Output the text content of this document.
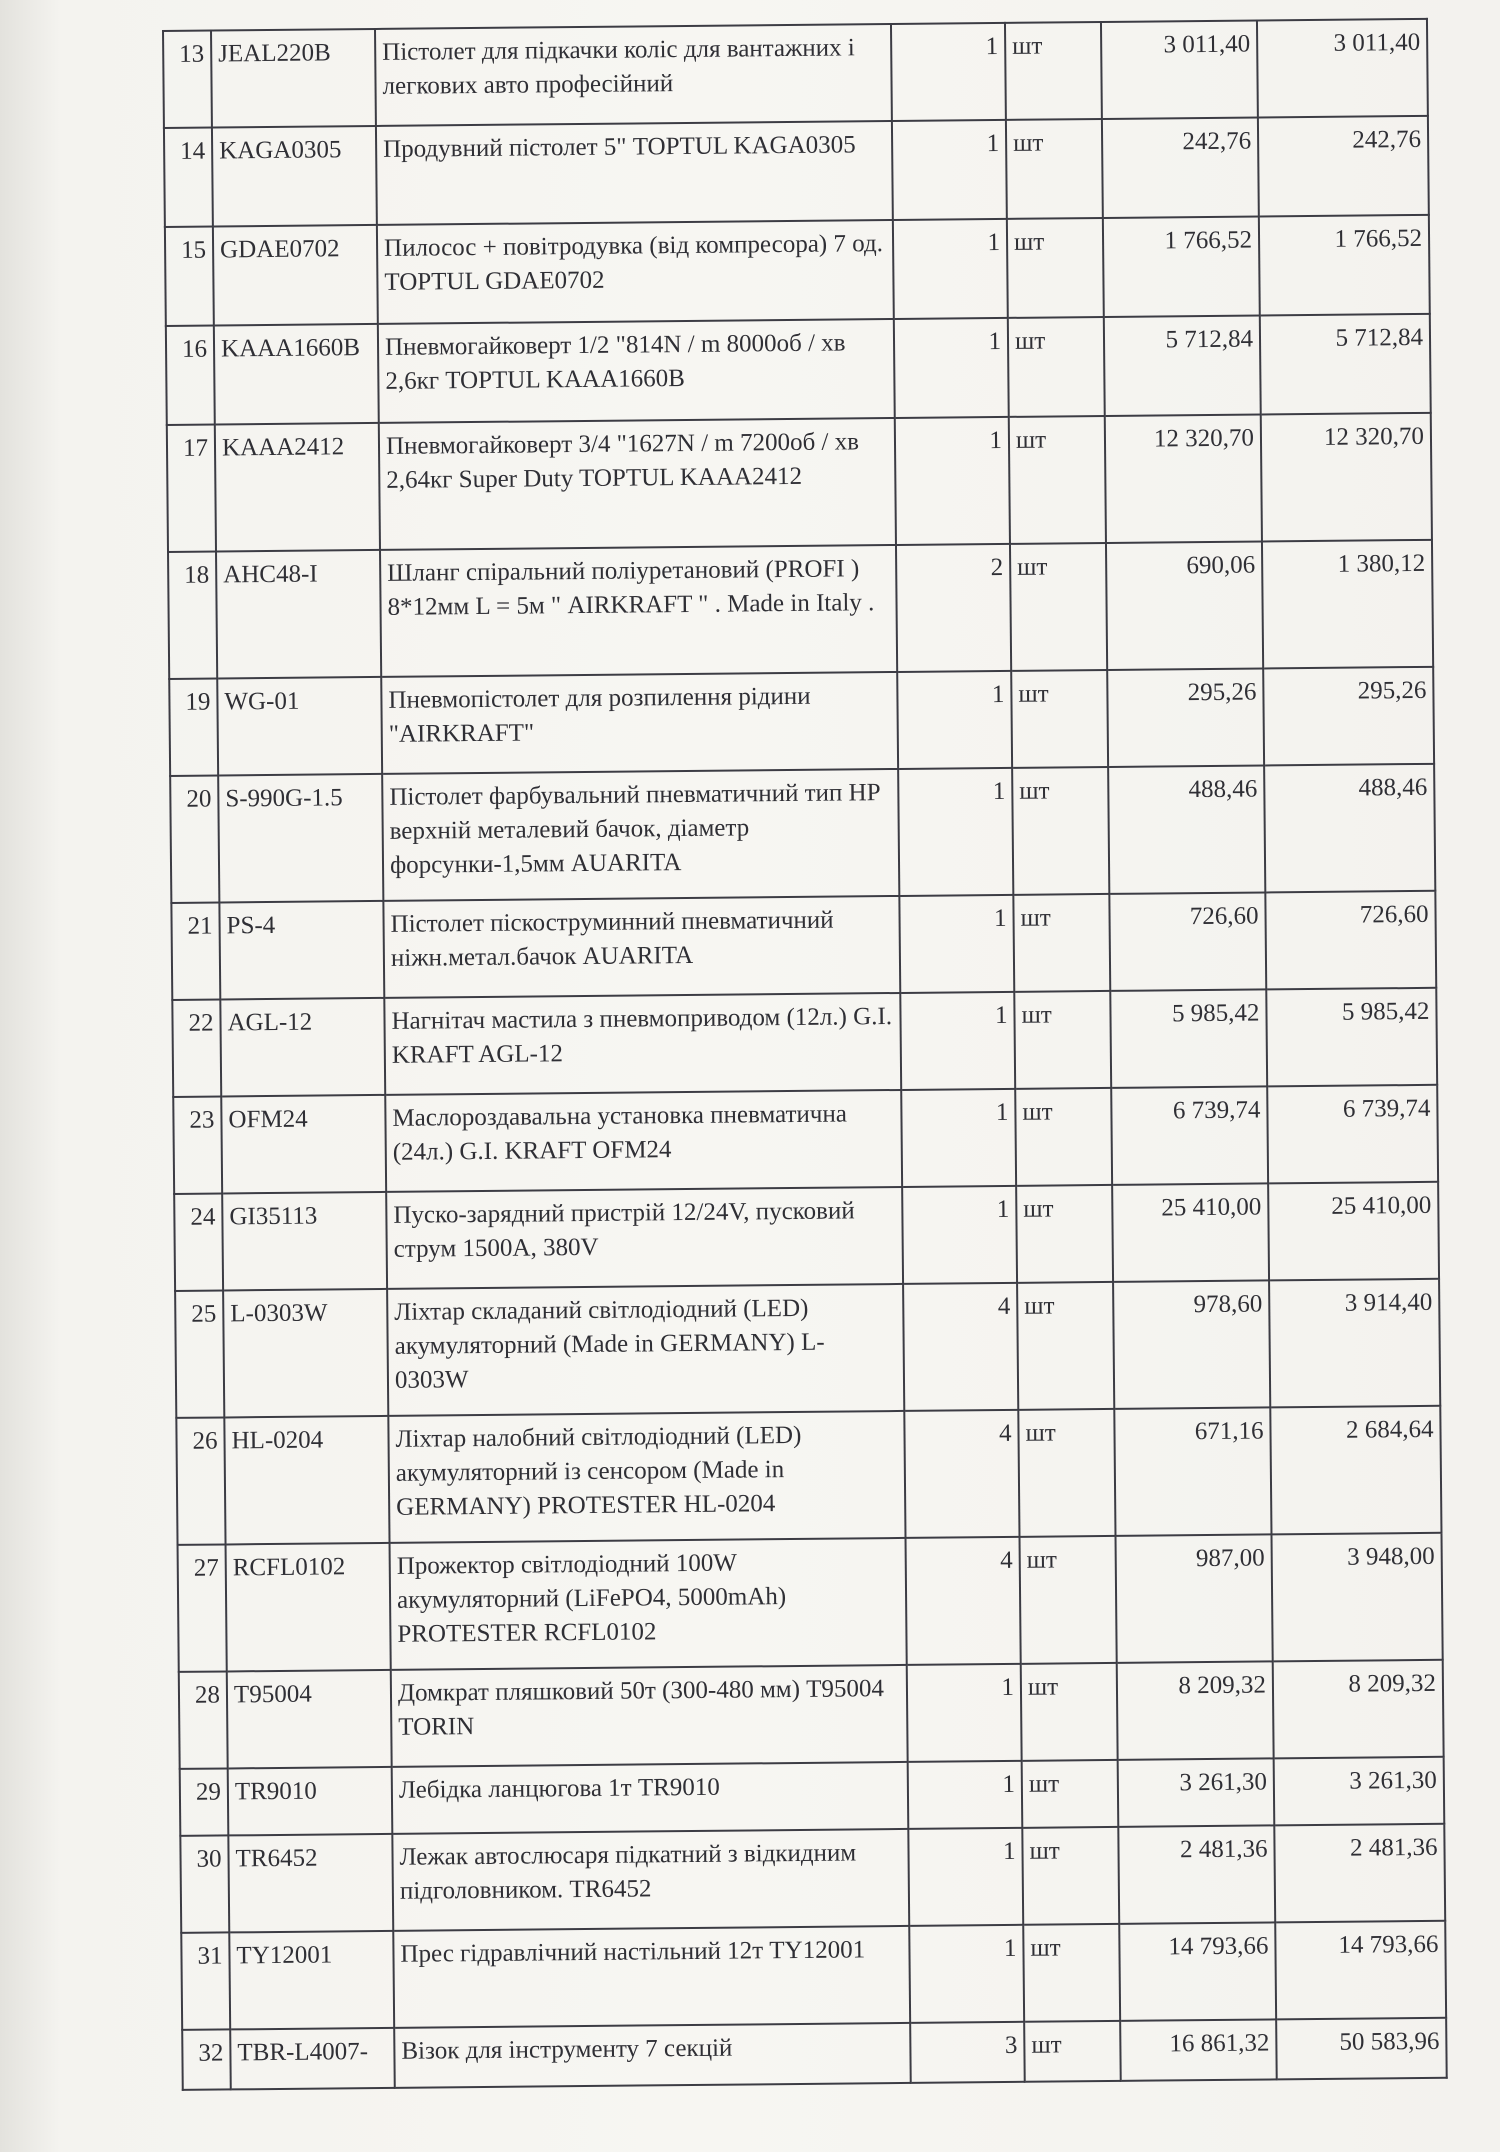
13	JEAL220B	Пістолет для підкачки коліс для вантажних і легкових авто професійний	1	шт	3 011,40	3 011,40
14	KAGA0305	Продувний пістолет 5" TOPTUL KAGA0305	1	шт	242,76	242,76
15	GDAE0702	Пилосос + повітродувка (від компресора) 7 од. TOPTUL GDAE0702	1	шт	1 766,52	1 766,52
16	KAAA1660B	Пневмогайковерт 1/2 "814N / m 8000об / хв 2,6кг TOPTUL KAAA1660B	1	шт	5 712,84	5 712,84
17	KAAA2412	Пневмогайковерт 3/4 "1627N / m 7200об / хв 2,64кг Super Duty TOPTUL KAAA2412	1	шт	12 320,70	12 320,70
18	AHC48-I	Шланг спіральний поліуретановий (PROFI ) 8*12мм L = 5м " AIRKRAFT " . Made in Italy .	2	шт	690,06	1 380,12
19	WG-01	Пневмопістолет для розпилення рідини "AIRKRAFT"	1	шт	295,26	295,26
20	S-990G-1.5	Пістолет фарбувальний пневматичний тип HP верхній металевий бачок, діаметр форсунки-1,5мм AUARITA	1	шт	488,46	488,46
21	PS-4	Пістолет піскоструминний пневматичний ніжн.метал.бачок AUARITA	1	шт	726,60	726,60
22	AGL-12	Нагнітач мастила з пневмоприводом (12л.) G.I. KRAFT AGL-12	1	шт	5 985,42	5 985,42
23	OFM24	Маслороздавальна установка пневматична (24л.) G.I. KRAFT OFM24	1	шт	6 739,74	6 739,74
24	GI35113	Пуско-зарядний пристрій 12/24V, пусковий струм 1500А, 380V	1	шт	25 410,00	25 410,00
25	L-0303W	Ліхтар складаний світлодіодний (LED) акумуляторний (Made in GERMANY) L-0303W	4	шт	978,60	3 914,40
26	HL-0204	Ліхтар налобний світлодіодний (LED) акумуляторний із сенсором (Made in GERMANY) PROTESTER HL-0204	4	шт	671,16	2 684,64
27	RCFL0102	Прожектор світлодіодний 100W акумуляторний (LiFePO4, 5000mAh) PROTESTER RCFL0102	4	шт	987,00	3 948,00
28	T95004	Домкрат пляшковий 50т (300-480 мм) T95004 TORIN	1	шт	8 209,32	8 209,32
29	TR9010	Лебідка ланцюгова 1т TR9010	1	шт	3 261,30	3 261,30
30	TR6452	Лежак автослюсаря підкатний з відкидним підголовником. TR6452	1	шт	2 481,36	2 481,36
31	TY12001	Прес гідравлічний настільний 12т TY12001	1	шт	14 793,66	14 793,66
32	TBR-L4007-	Візок для інструменту 7 секцій	3	шт	16 861,32	50 583,96
